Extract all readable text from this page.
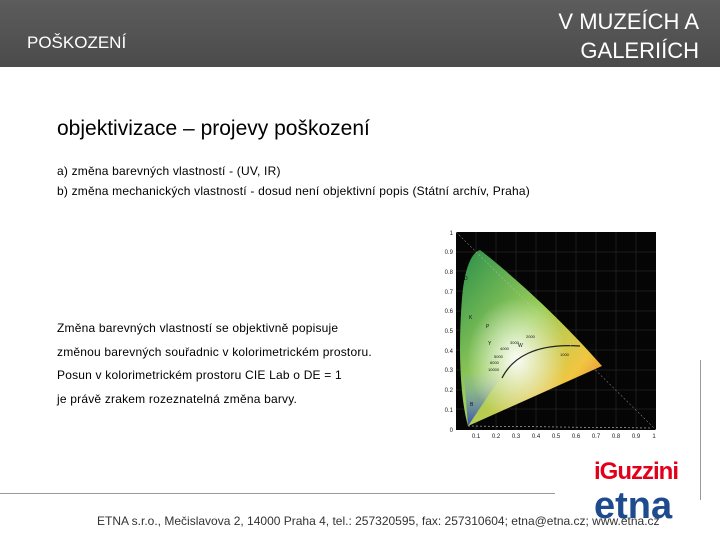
POŠKOZENÍ
V MUZEÍCH A
GALERIÍCH
objektivizace – projevy poškození
a) změna barevných vlastností - (UV, IR)
b) změna mechanických vlastností - dosud není objektivní popis (Státní archív, Praha)
1
0.9
0.8
0.7
0.6
0.5
0.4
0.3
0.2
0.1
0
0.1 0.2 0.3 0.4 0.5 0.6 0.7 0.8 0.9 1
G
D
K
P
W
Y	O
R
B
Z
2000
3000
4000
5000
6000
10000
1000
Změna barevných vlastností se objektivně popisuje
změnou barevných souřadnic v kolorimetrickém prostoru.
Posun v kolorimetrickém prostoru CIE Lab o DE = 1
je právě zrakem rozeznatelná změna barvy.
ETNA s.r.o., Mečislavova 2, 14000 Praha 4, tel.: 257320595, fax: 257310604; etna@etna.cz; www.etna.cz
iGuzzini
etna
